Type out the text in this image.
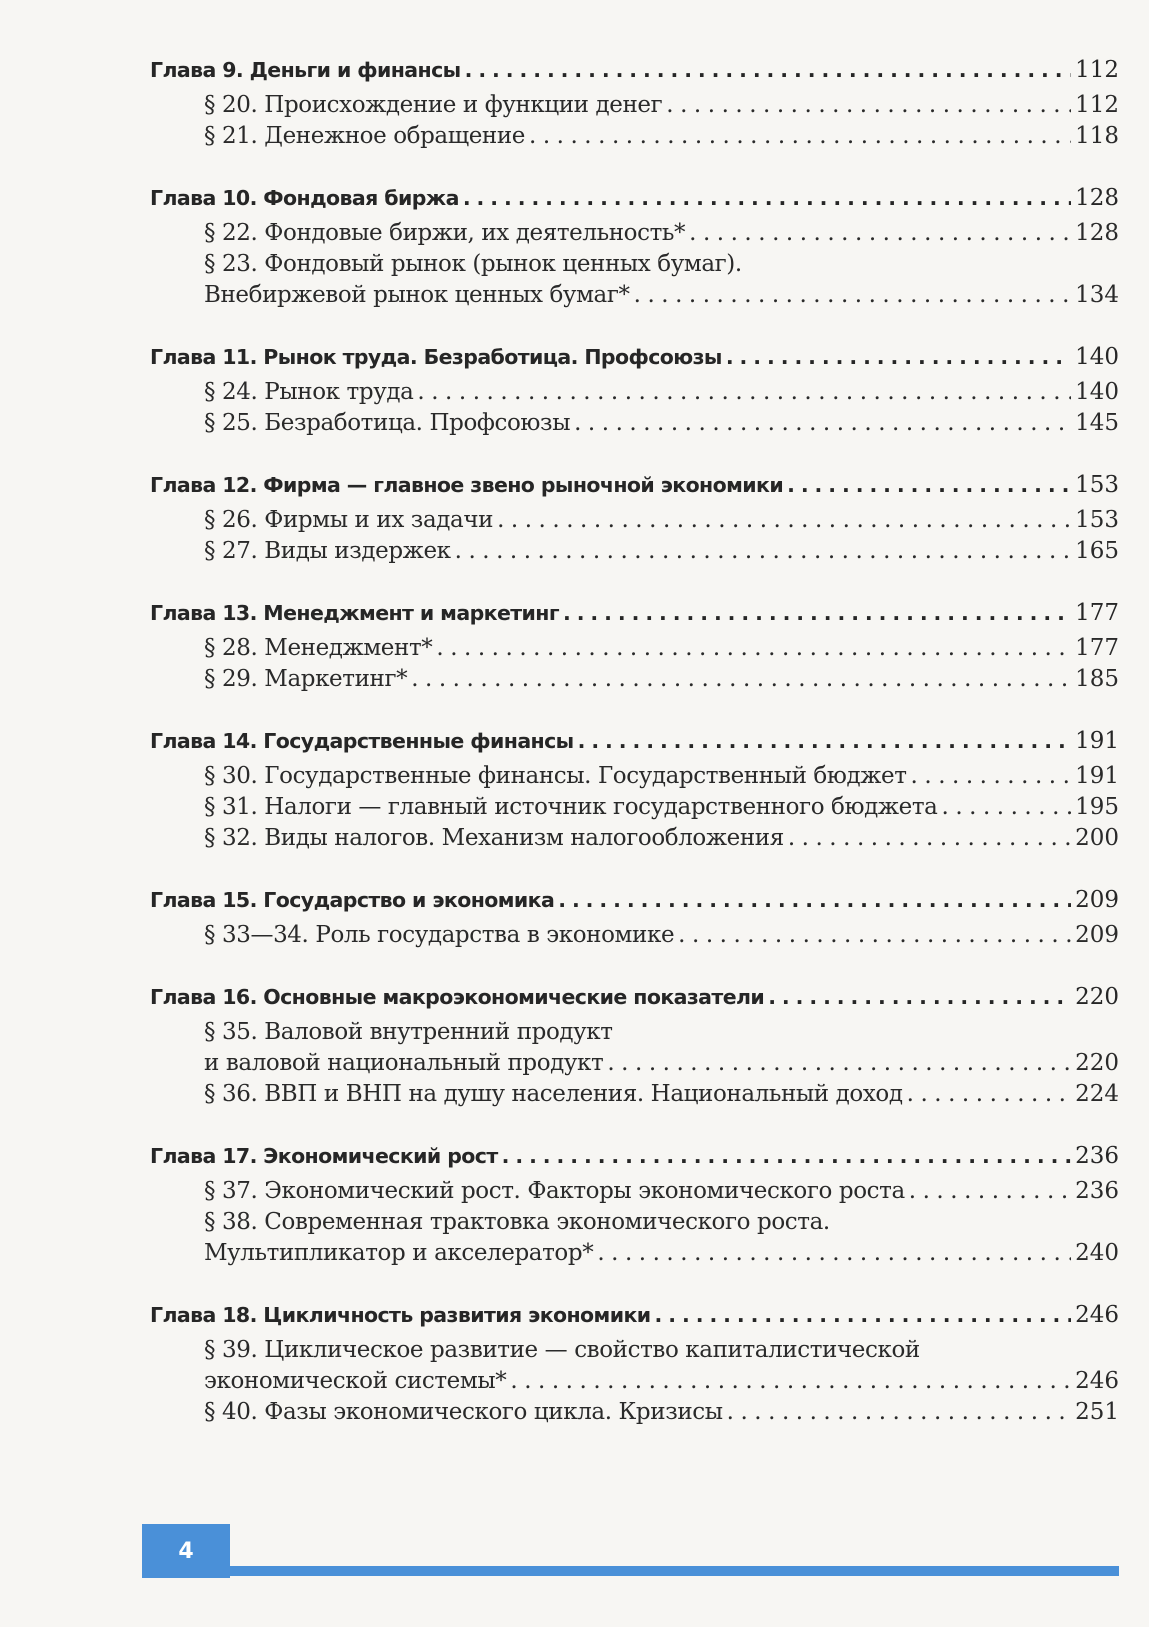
Глава 9. Деньги и финансы . . .	112
§ 20. Происхождение и функции денег . . .	112
§ 21. Денежное обращение . . .	118
Глава 10. Фондовая биржа . . .	128
§ 22. Фондовые биржи, их деятельность* . . .	128
§ 23. Фондовый рынок (рынок ценных бумаг).
Внебиржевой рынок ценных бумаг* . . .	134
Глава 11. Рынок труда. Безработица. Профсоюзы . . .	140
§ 24. Рынок труда . . .	140
§ 25. Безработица. Профсоюзы . . .	145
Глава 12. Фирма — главное звено рыночной экономики . . .	153
§ 26. Фирмы и их задачи . . .	153
§ 27. Виды издержек . . .	165
Глава 13. Менеджмент и маркетинг . . .	177
§ 28. Менеджмент* . . .	177
§ 29. Маркетинг* . . .	185
Глава 14. Государственные финансы . . .	191
§ 30. Государственные финансы. Государственный бюджет . . .	191
§ 31. Налоги — главный источник государственного бюджета . . .	195
§ 32. Виды налогов. Механизм налогообложения . . .	200
Глава 15. Государство и экономика . . .	209
§ 33—34. Роль государства в экономике . . .	209
Глава 16. Основные макроэкономические показатели . . .	220
§ 35. Валовой внутренний продукт
и валовой национальный продукт . . .	220
§ 36. ВВП и ВНП на душу населения. Национальный доход . . .	224
Глава 17. Экономический рост . . .	236
§ 37. Экономический рост. Факторы экономического роста . . .	236
§ 38. Современная трактовка экономического роста.
Мультипликатор и акселератор* . . .	240
Глава 18. Цикличность развития экономики . . .	246
§ 39. Циклическое развитие — свойство капиталистической
экономической системы* . . .	246
§ 40. Фазы экономического цикла. Кризисы . . .	251
4
